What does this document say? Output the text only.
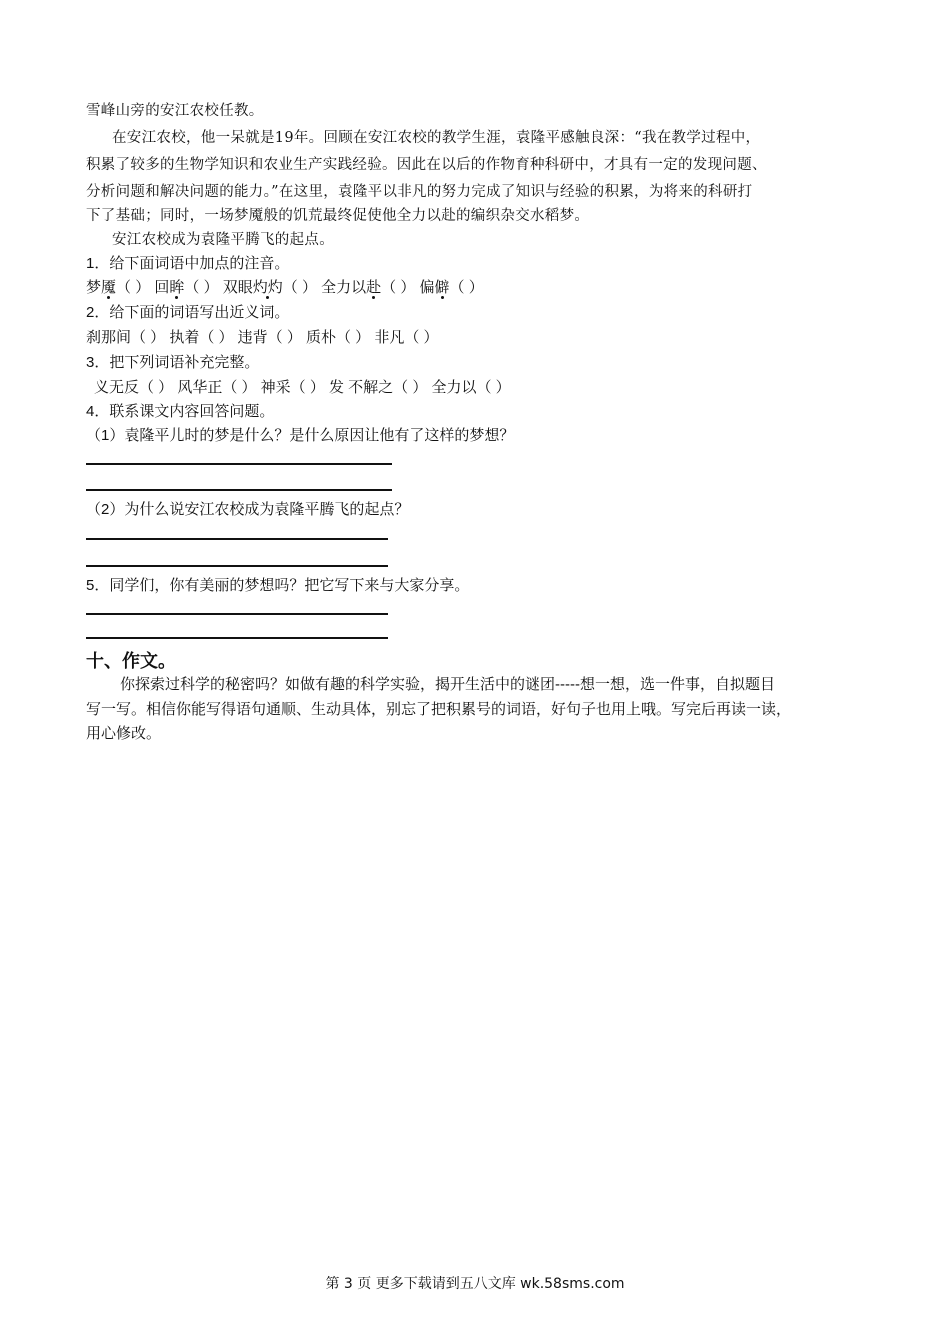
雪峰山旁的安江农校任教。
在安江农校，他一呆就是19年。回顾在安江农校的教学生涯，袁隆平感触良深：“我在教学过程中，
积累了较多的生物学知识和农业生产实践经验。因此在以后的作物育种科研中，才具有一定的发现问题、
分析问题和解决问题的能力。”在这里，袁隆平以非凡的努力完成了知识与经验的积累，为将来的科研打
下了基础；同时，一场梦魇般的饥荒最终促使他全力以赴的编织杂交水稻梦。
安江农校成为袁隆平腾飞的起点。
1．给下面词语中加点的注音。
梦魇（ ） 回眸（ ） 双眼灼灼（ ） 全力以赴（ ） 偏僻（ ）
2．给下面的词语写出近义词。
刹那间（ ） 执着（ ） 违背（ ） 质朴（ ） 非凡（ ）
3．把下列词语补充完整。
义无反（ ） 风华正（ ） 神采（ ） 发 不解之（ ） 全力以（ ）
4．联系课文内容回答问题。
（1）袁隆平儿时的梦是什么？是什么原因让他有了这样的梦想？
（2）为什么说安江农校成为袁隆平腾飞的起点？
5．同学们，你有美丽的梦想吗？把它写下来与大家分享。
十、作文。
你探索过科学的秘密吗？如做有趣的科学实验，揭开生活中的谜团-----想一想，选一件事，自拟题目
写一写。相信你能写得语句通顺、生动具体，别忘了把积累号的词语，好句子也用上哦。写完后再读一读，
用心修改。
第 3 页 更多下载请到五八文库 wk.58sms.com
